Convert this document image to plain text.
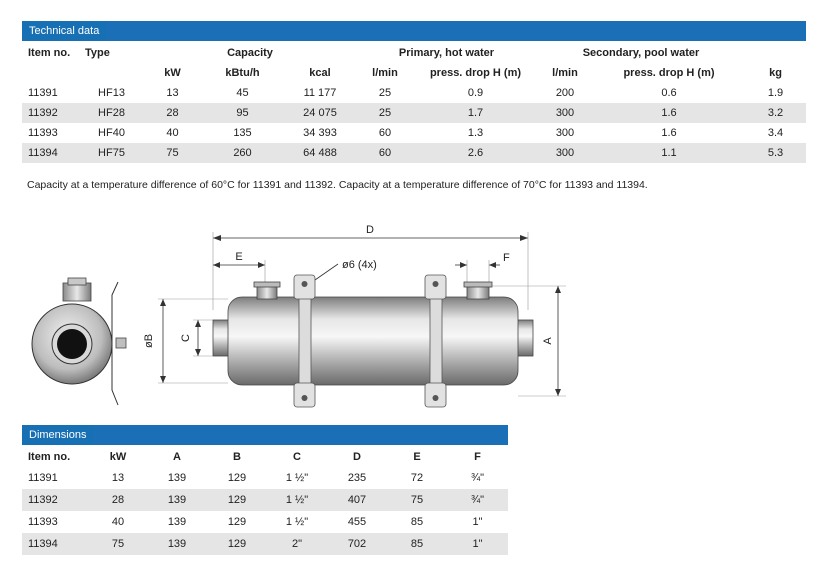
Technical data
Item no.	Type	Capacity			Primary, hot water		Secondary, pool water		
		kW	kBtu/h	kcal	l/min	press. drop H (m)	l/min	press. drop H (m)	kg
11391	HF13	13	45	11 177	25	0.9	200	0.6	1.9
11392	HF28	28	95	24 075	25	1.7	300	1.6	3.2
11393	HF40	40	135	34 393	60	1.3	300	1.6	3.4
11394	HF75	75	260	64 488	60	2.6	300	1.1	5.3
Capacity at a temperature difference of 60°C for 11391 and 11392. Capacity at a temperature difference of 70°C for 11393 and 11394.
D
E	F
ø6 (4x)
øB C	A
Dimensions
Item no.	kW	A	B	C	D	E	F
11391	13	139	129	1 ½"	235	72	¾"
11392	28	139	129	1 ½"	407	75	¾"
11393	40	139	129	1 ½"	455	85	1"
11394	75	139	129	2"	702	85	1"
